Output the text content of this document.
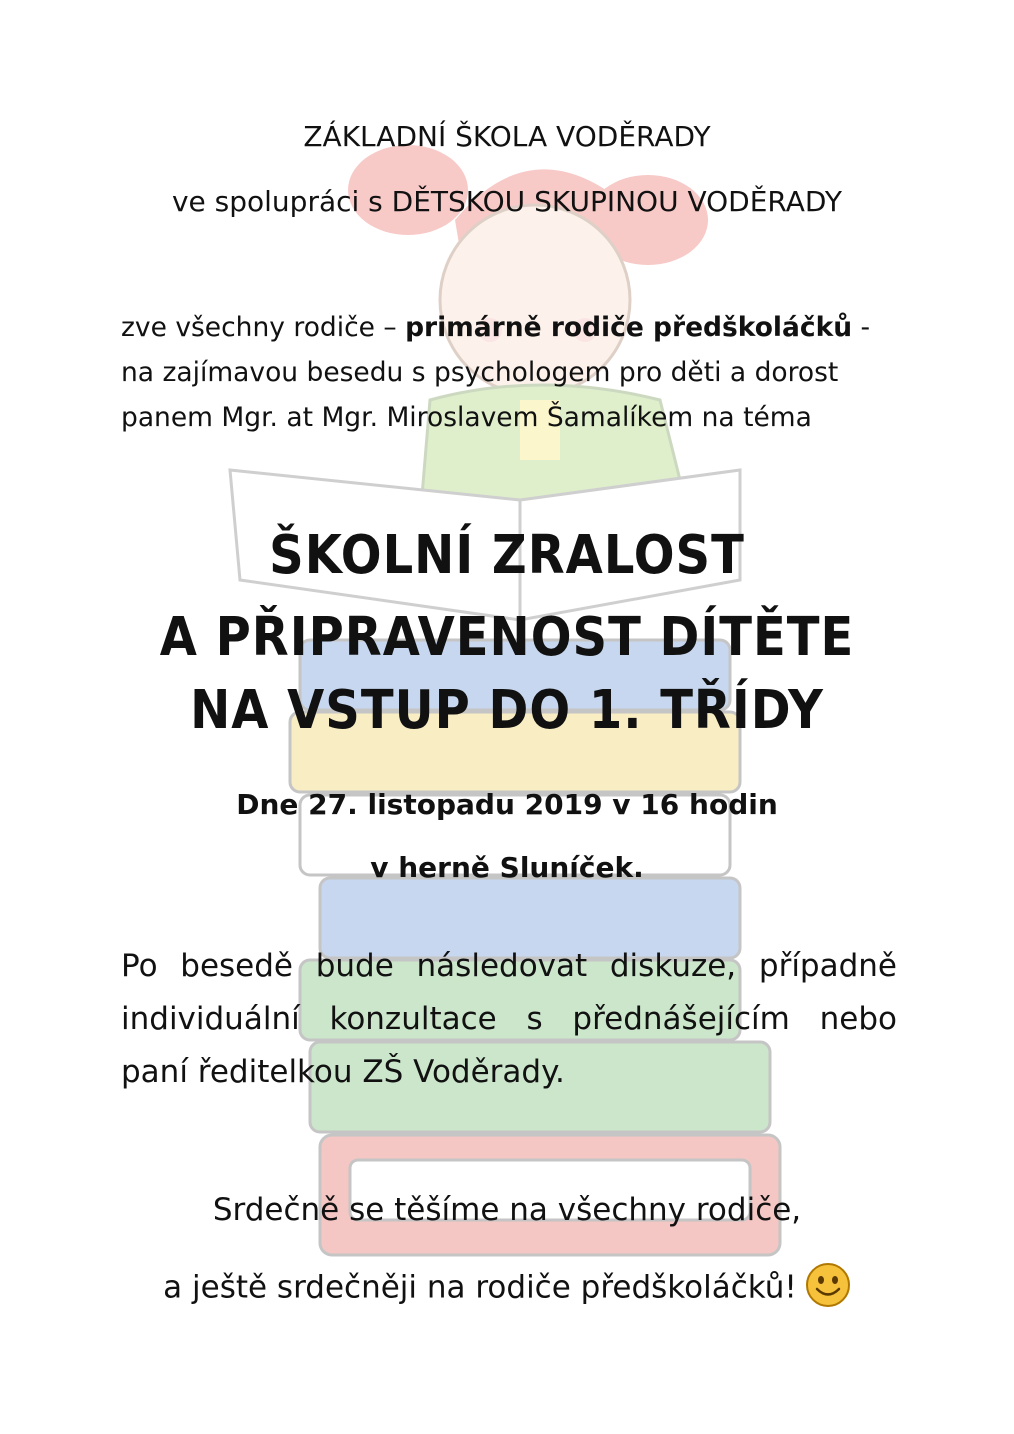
ZÁKLADNÍ ŠKOLA VODĚRADY
ve spolupráci s DĚTSKOU SKUPINOU VODĚRADY
zve všechny rodiče – primárně rodiče předškoláčků -
na zajímavou besedu s psychologem pro děti a dorost
panem Mgr. at Mgr. Miroslavem Šamalíkem na téma
ŠKOLNÍ ZRALOST
A PŘIPRAVENOST DÍTĚTE
NA VSTUP DO 1. TŘÍDY
Dne 27. listopadu 2019 v 16 hodin
v herně Sluníček.
Po besedě bude následovat diskuze, případně
individuální konzultace s přednášejícím nebo
paní ředitelkou ZŠ Voděrady.
Srdečně se těšíme na všechny rodiče,
a ještě srdečněji na rodiče předškoláčků!
